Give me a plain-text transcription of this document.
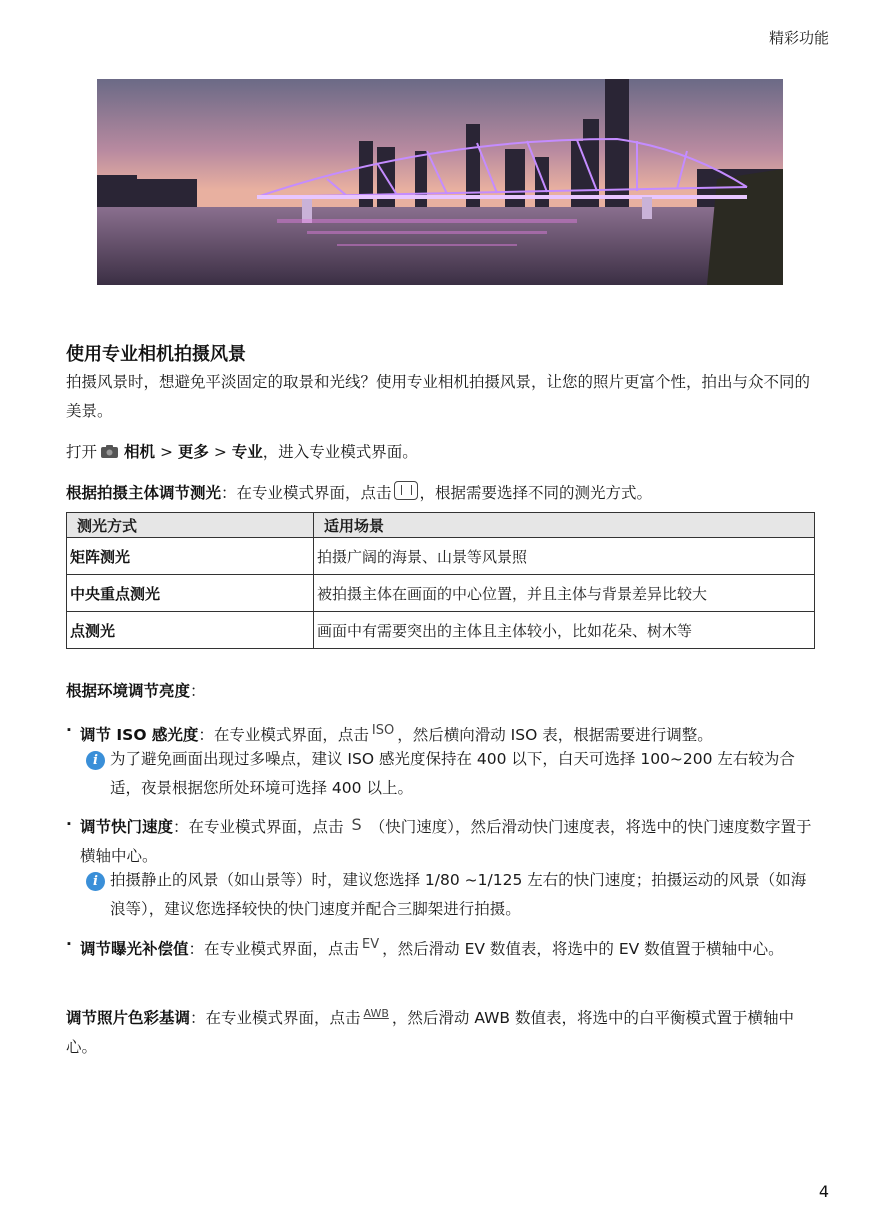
精彩功能
使用专业相机拍摄风景
拍摄风景时，想避免平淡固定的取景和光线？使用专业相机拍摄风景，让您的照片更富个性，拍出与众不同的美景。
打开 相机 > 更多 > 专业，进入专业模式界面。
根据拍摄主体调节测光：在专业模式界面，点击 ，根据需要选择不同的测光方式。
测光方式	适用场景
矩阵测光	拍摄广阔的海景、山景等风景照
中央重点测光	被拍摄主体在画面的中心位置，并且主体与背景差异比较大
点测光	画面中有需要突出的主体且主体较小，比如花朵、树木等
根据环境调节亮度：
· 调节 ISO 感光度：在专业模式界面，点击 $^{ISO}$ ，然后横向滑动 ISO 表，根据需要进行调整。
i 为了避免画面出现过多噪点，建议 ISO 感光度保持在 400 以下，白天可选择 100~200 左右较为合适，夜景根据您所处环境可选择 400 以上。
· 调节快门速度：在专业模式界面，点击 S （快门速度），然后滑动快门速度表，将选中的快门速度数字置于横轴中心。
i 拍摄静止的风景（如山景等）时，建议您选择 1/80 ~1/125 左右的快门速度；拍摄运动的风景（如海浪等），建议您选择较快的快门速度并配合三脚架进行拍摄。
· 调节曝光补偿值：在专业模式界面，点击 $^{EV}$ ，然后滑动 EV 数值表，将选中的 EV 数值置于横轴中心。
调节照片色彩基调：在专业模式界面，点击 $^{AWB}$ ，然后滑动 AWB 数值表，将选中的白平衡模式置于横轴中心。
4
